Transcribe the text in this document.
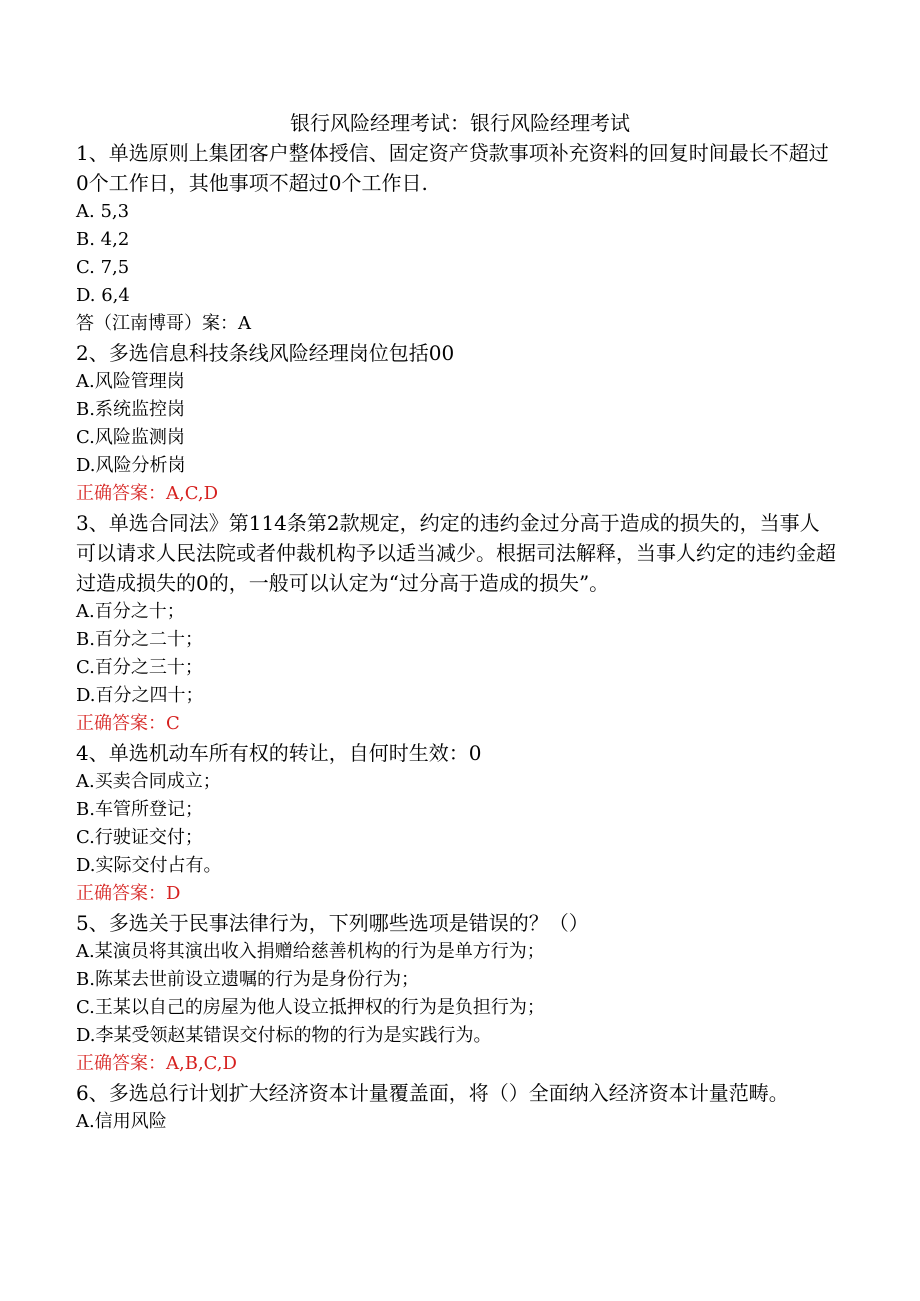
银行风险经理考试：银行风险经理考试
1、单选原则上集团客户整体授信、固定资产贷款事项补充资料的回复时间最长不超过0个工作日，其他事项不超过0个工作日.
A. 5,3
B. 4,2
C. 7,5
D. 6,4
答（江南博哥）案：A
2、多选信息科技条线风险经理岗位包括00
A.风险管理岗
B.系统监控岗
C.风险监测岗
D.风险分析岗
正确答案：A,C,D
3、单选合同法》第114条第2款规定，约定的违约金过分高于造成的损失的，当事人可以请求人民法院或者仲裁机构予以适当减少。根据司法解释，当事人约定的违约金超过造成损失的0的，一般可以认定为“过分高于造成的损失”。
A.百分之十；
B.百分之二十；
C.百分之三十；
D.百分之四十；
正确答案：C
4、单选机动车所有权的转让，自何时生效：0
A.买卖合同成立；
B.车管所登记；
C.行驶证交付；
D.实际交付占有。
正确答案：D
5、多选关于民事法律行为，下列哪些选项是错误的？（）
A.某演员将其演出收入捐赠给慈善机构的行为是单方行为；
B.陈某去世前设立遗嘱的行为是身份行为；
C.王某以自己的房屋为他人设立抵押权的行为是负担行为；
D.李某受领赵某错误交付标的物的行为是实践行为。
正确答案：A,B,C,D
6、多选总行计划扩大经济资本计量覆盖面，将（）全面纳入经济资本计量范畴。
A.信用风险
